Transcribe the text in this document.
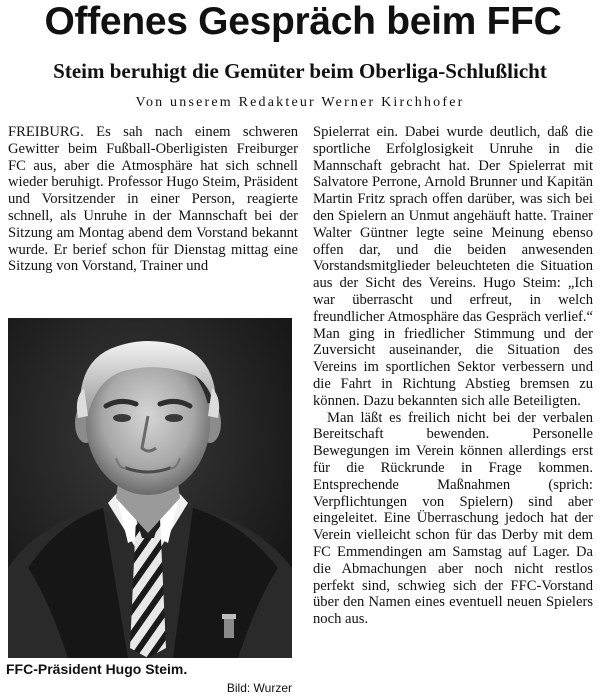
Offenes Gespräch beim FFC
Steim beruhigt die Gemüter beim Oberliga-Schlußlicht
Von unserem Redakteur Werner Kirchhofer

FREIBURG. Es sah nach einem schweren Gewitter beim Fußball-Oberligisten Freiburger FC aus, aber die Atmosphäre hat sich schnell wieder beruhigt. Professor Hugo Steim, Präsident und Vorsitzender in einer Person, reagierte schnell, als Unruhe in der Mannschaft bei der Sitzung am Montag abend dem Vorstand bekannt wurde. Er berief schon für Dienstag mittag eine Sitzung von Vorstand, Trainer und

FFC-Präsident Hugo Steim.
Bild: Wurzer

Spielerrat ein. Dabei wurde deutlich, daß die sportliche Erfolglosigkeit Unruhe in die Mannschaft gebracht hat. Der Spielerrat mit Salvatore Perrone, Arnold Brunner und Kapitän Martin Fritz sprach offen darüber, was sich bei den Spielern an Unmut angehäuft hatte. Trainer Walter Güntner legte seine Meinung ebenso offen dar, und die beiden anwesenden Vorstandsmitglieder beleuchteten die Situation aus der Sicht des Vereins. Hugo Steim: „Ich war überrascht und erfreut, in welch freundlicher Atmosphäre das Gespräch verlief.“ Man ging in friedlicher Stimmung und der Zuversicht auseinander, die Situation des Vereins im sportlichen Sektor verbessern und die Fahrt in Richtung Abstieg bremsen zu können. Dazu bekannten sich alle Beteiligten.

Man läßt es freilich nicht bei der verbalen Bereitschaft bewenden. Personelle Bewegungen im Verein können allerdings erst für die Rückrunde in Frage kommen. Entsprechende Maßnahmen (sprich: Verpflichtungen von Spielern) sind aber eingeleitet. Eine Überraschung jedoch hat der Verein vielleicht schon für das Derby mit dem FC Emmendingen am Samstag auf Lager. Da die Abmachungen aber noch nicht restlos perfekt sind, schwieg sich der FFC-Vorstand über den Namen eines eventuell neuen Spielers noch aus.
